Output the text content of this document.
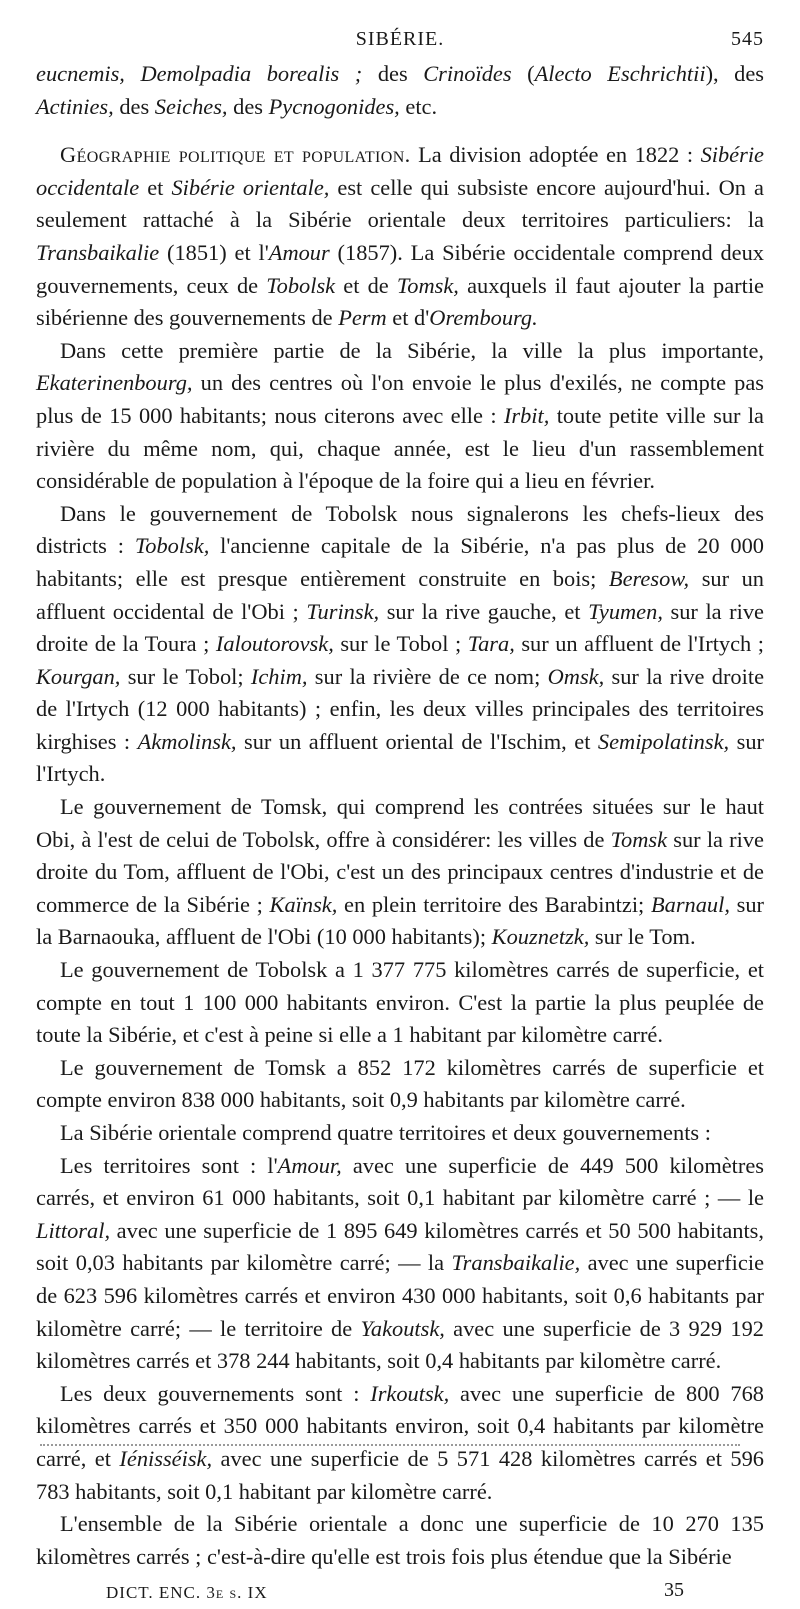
SIBÉRIE.	545

eucnemis, Demolpadia borealis ; des Crinoïdes (Alecto Eschrichtii), des Actinies, des Seiches, des Pycnogonides, etc.

Géographie politique et population. La division adoptée en 1822 : Sibérie occidentale et Sibérie orientale, est celle qui subsiste encore aujourd'hui. On a seulement rattaché à la Sibérie orientale deux territoires particuliers: la Transbaikalie (1851) et l'Amour (1857). La Sibérie occidentale comprend deux gouvernements, ceux de Tobolsk et de Tomsk, auxquels il faut ajouter la partie sibérienne des gouvernements de Perm et d'Orembourg.

Dans cette première partie de la Sibérie, la ville la plus importante, Ekaterinenbourg, un des centres où l'on envoie le plus d'exilés, ne compte pas plus de 15 000 habitants; nous citerons avec elle : Irbit, toute petite ville sur la rivière du même nom, qui, chaque année, est le lieu d'un rassemblement considérable de population à l'époque de la foire qui a lieu en février.

Dans le gouvernement de Tobolsk nous signalerons les chefs-lieux des districts : Tobolsk, l'ancienne capitale de la Sibérie, n'a pas plus de 20 000 habitants; elle est presque entièrement construite en bois; Beresow, sur un affluent occidental de l'Obi ; Turinsk, sur la rive gauche, et Tyumen, sur la rive droite de la Toura ; Ialoutorovsk, sur le Tobol ; Tara, sur un affluent de l'Irtych ; Kourgan, sur le Tobol; Ichim, sur la rivière de ce nom; Omsk, sur la rive droite de l'Irtych (12 000 habitants) ; enfin, les deux villes principales des territoires kirghises : Akmolinsk, sur un affluent oriental de l'Ischim, et Semipolatinsk, sur l'Irtych.

Le gouvernement de Tomsk, qui comprend les contrées situées sur le haut Obi, à l'est de celui de Tobolsk, offre à considérer: les villes de Tomsk sur la rive droite du Tom, affluent de l'Obi, c'est un des principaux centres d'industrie et de commerce de la Sibérie ; Kaïnsk, en plein territoire des Barabintzi; Barnaul, sur la Barnaouka, affluent de l'Obi (10 000 habitants); Kouznetzk, sur le Tom.

Le gouvernement de Tobolsk a 1 377 775 kilomètres carrés de superficie, et compte en tout 1 100 000 habitants environ. C'est la partie la plus peuplée de toute la Sibérie, et c'est à peine si elle a 1 habitant par kilomètre carré.

Le gouvernement de Tomsk a 852 172 kilomètres carrés de superficie et compte environ 838 000 habitants, soit 0,9 habitants par kilomètre carré.

La Sibérie orientale comprend quatre territoires et deux gouvernements :

Les territoires sont : l'Amour, avec une superficie de 449 500 kilomètres carrés, et environ 61 000 habitants, soit 0,1 habitant par kilomètre carré ; — le Littoral, avec une superficie de 1 895 649 kilomètres carrés et 50 500 habitants, soit 0,03 habitants par kilomètre carré; — la Transbaikalie, avec une superficie de 623 596 kilomètres carrés et environ 430 000 habitants, soit 0,6 habitants par kilomètre carré; — le territoire de Yakoutsk, avec une superficie de 3 929 192 kilomètres carrés et 378 244 habitants, soit 0,4 habitants par kilomètre carré.

Les deux gouvernements sont : Irkoutsk, avec une superficie de 800 768 kilomètres carrés et 350 000 habitants environ, soit 0,4 habitants par kilomètre carré, et Iénisséisk, avec une superficie de 5 571 428 kilomètres carrés et 596 783 habitants, soit 0,1 habitant par kilomètre carré.

L'ensemble de la Sibérie orientale a donc une superficie de 10 270 135 kilomètres carrés ; c'est-à-dire qu'elle est trois fois plus étendue que la Sibérie

DICT. ENC. 3e s. IX	35
